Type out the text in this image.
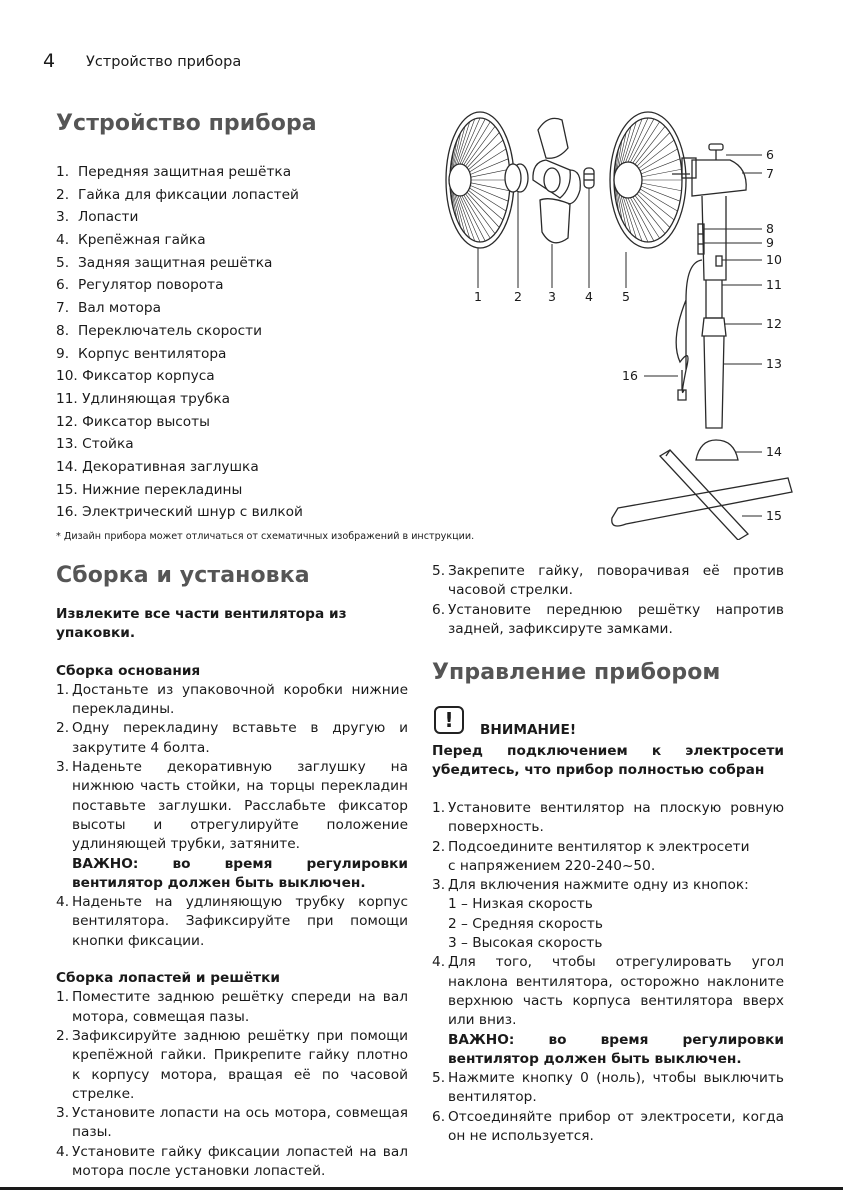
4 Устройство прибора
Устройство прибора
1. Передняя защитная решётка
2. Гайка для фиксации лопастей
3. Лопасти
4. Крепёжная гайка
5. Задняя защитная решётка
6. Регулятор поворота
7. Вал мотора
8. Переключатель скорости
9. Корпус вентилятора
10. Фиксатор корпуса
11. Удлиняющая трубка
12. Фиксатор высоты
13. Стойка
14. Декоративная заглушка
15. Нижние перекладины
16. Электрический шнур с вилкой
* Дизайн прибора может отличаться от схематичных изображений в инструкции.
1	2 3 4 5
6
7
8
9
10
11
12
13
14
15
16
Сборка и установка

Извлеките все части вентилятора из упаковки.

Сборка основания

1. Достаньте из упаковочной коробки нижние перекладины.
2. Одну перекладину вставьте в другую и закрутите 4 болта.
3. Наденьте декоративную заглушку на нижнюю часть стойки, на торцы перекладин поставьте заглушки. Расслабьте фиксатор высоты и отрегулируйте положение удлиняющей трубки, затяните.
ВАЖНО: во время регулировки вентилятор должен быть выключен.
4. Наденьте на удлиняющую трубку корпус вентилятора. Зафиксируйте при помощи кнопки фиксации.

Сборка лопастей и решётки

1. Поместите заднюю решётку спереди на вал мотора, совмещая пазы.
2. Зафиксируйте заднюю решётку при помощи крепёжной гайки. Прикрепите гайку плотно к корпусу мотора, вращая её по часовой стрелке.
3. Установите лопасти на ось мотора, совмещая пазы.
4. Установите гайку фиксации лопастей на вал мотора после установки лопастей.
5. Закрепите гайку, поворачивая её против часовой стрелки.
6. Установите переднюю решётку напротив задней, зафиксируте замками.
Управление прибором
!	ВНИМАНИЕ!
Перед подключением к электросети убедитесь, что прибор полностью собран
1. Установите вентилятор на плоскую ровную поверхность.
2. Подсоедините вентилятор к электросети
с напряжением 220-240~50.
3. Для включения нажмите одну из кнопок:
1 – Низкая скорость
2 – Средняя скорость
3 – Высокая скорость
4. Для того, чтобы отрегулировать угол наклона вентилятора, осторожно наклоните верхнюю часть корпуса вентилятора вверх или вниз.
ВАЖНО: во время регулировки вентилятор должен быть выключен.
5. Нажмите кнопку 0 (ноль), чтобы выключить вентилятор.
6. Отсоединяйте прибор от электросети, когда он не используется.
